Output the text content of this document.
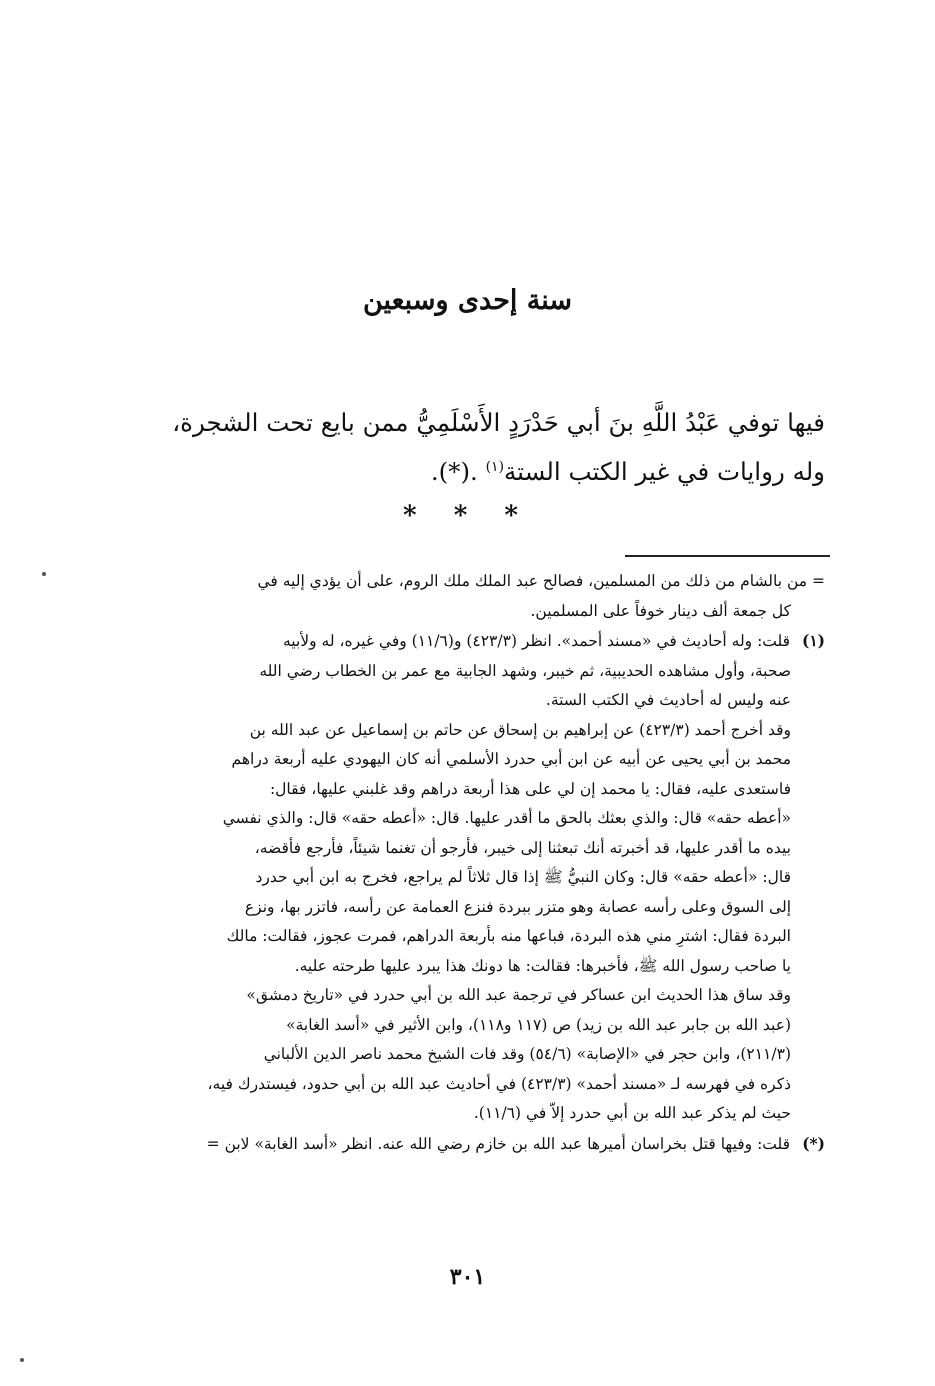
سنة إحدى وسبعين
فيها توفي عَبْدُ اللَّهِ بنَ أبي حَدْرَدٍ الأَسْلَمِيُّ ممن بايع تحت الشجرة،
وله روايات في غير الكتب الستة$^{(١)}$ .(*).
* * *
= من بالشام من ذلك من المسلمين، فصالح عبد الملك ملك الروم، على أن يؤدي إليه في
كل جمعة ألف دينار خوفاً على المسلمين.
(١) قلت: وله أحاديث في «مسند أحمد». انظر (٤٢٣/٣) و(١١/٦) وفي غيره، له ولأبيه
صحبة، وأول مشاهده الحديبية، ثم خيبر، وشهد الجابية مع عمر بن الخطاب رضي الله
عنه وليس له أحاديث في الكتب الستة.
وقد أخرج أحمد (٤٢٣/٣) عن إبراهيم بن إسحاق عن حاتم بن إسماعيل عن عبد الله بن
محمد بن أبي يحيى عن أبيه عن ابن أبي حدرد الأسلمي أنه كان اليهودي عليه أربعة دراهم
فاستعدى عليه، فقال: يا محمد إن لي على هذا أربعة دراهم وقد غلبني عليها، فقال:
«أعطه حقه» قال: والذي بعثك بالحق ما أقدر عليها. قال: «أعطه حقه» قال: والذي نفسي
بيده ما أقدر عليها، قد أخبرته أنك تبعثنا إلى خيبر، فأرجو أن تغنما شيئاً، فأرجع فأقضه،
قال: «أعطه حقه» قال: وكان النبيُّ ﷺ إذا قال ثلاثاً لم يراجع، فخرج به ابن أبي حدرد
إلى السوق وعلى رأسه عصابة وهو متزر ببردة فنزع العمامة عن رأسه، فاتزر بها، ونزع
البردة فقال: اشترِ مني هذه البردة، فباعها منه بأربعة الدراهم، فمرت عجوز، فقالت: مالك
يا صاحب رسول الله ﷺ، فأخبرها: فقالت: ها دونك هذا يبرد عليها طرحته عليه.
وقد ساق هذا الحديث ابن عساكر في ترجمة عبد الله بن أبي حدرد في «تاريخ دمشق»
(عبد الله بن جابر عبد الله بن زيد) ص (١١٧ و١١٨)، وابن الأثير في «أسد الغابة»
(٢١١/٣)، وابن حجر في «الإصابة» (٥٤/٦) وقد فات الشيخ محمد ناصر الدين الألباني
ذكره في فهرسه لـ «مسند أحمد» (٤٢٣/٣) في أحاديث عبد الله بن أبي حدود، فيستدرك فيه،
حيث لم يذكر عبد الله بن أبي حدرد إلاّ في (١١/٦).
(*) قلت: وفيها قتل بخراسان أميرها عبد الله بن خازم رضي الله عنه. انظر «أسد الغابة» لابن =
٣٠١
